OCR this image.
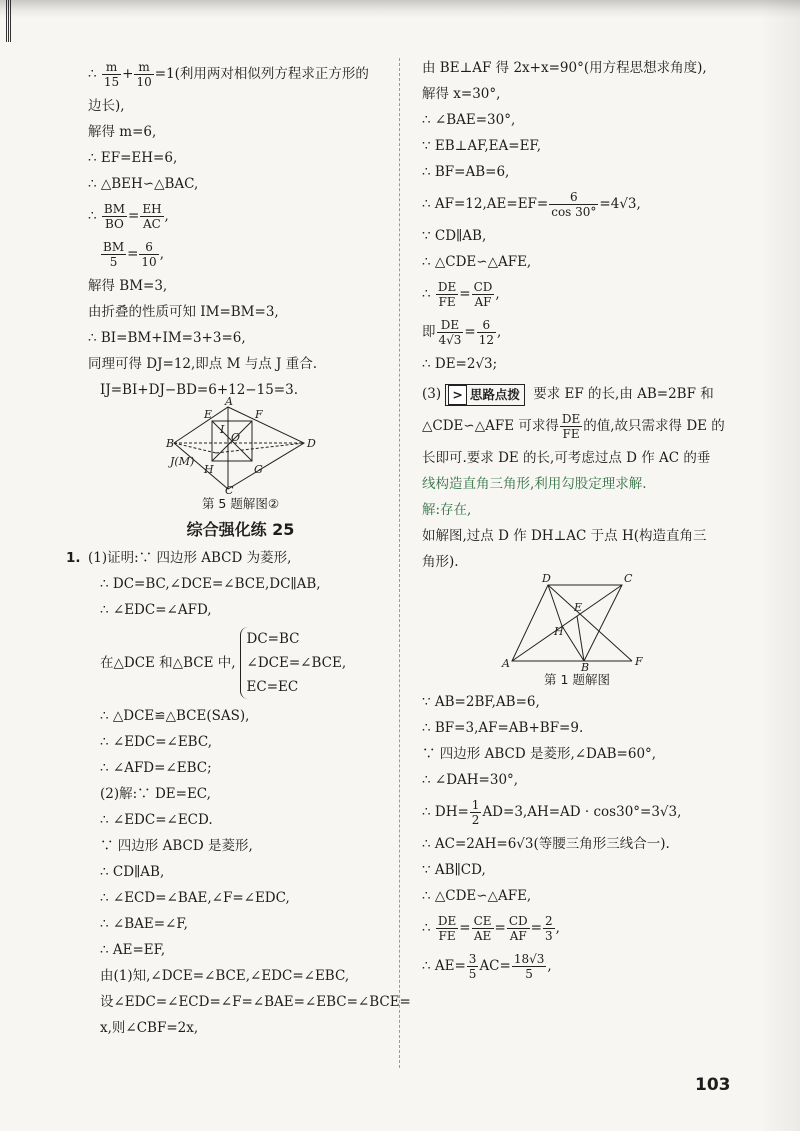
∴ $\frac{m}{15} + \frac{m}{10} =1$(利用两对相似列方程求正方形的
边长),
解得 m=6,
∴ EF=EH=6,
∴ △BEH∽△BAC,
∴ $\frac{BM}{BO} = \frac{EH}{AC}$ ,
$\frac{BM}{5} = \frac{6}{10}$ ,
解得 BM=3,
由折叠的性质可知 IM=BM=3,
∴ BI=BM+IM=3+3=6,
同理可得 DJ=12,即点 M 与点 J 重合.
IJ=BI+DJ−BD=6+12−15=3.
A
E	F
B	D
O
I
H	G
C
J(M)
第 5 题解图②
综合强化练 25
1. (1)证明:∵ 四边形 ABCD 为菱形,
∴ DC=BC,∠DCE=∠BCE,DC∥AB,
∴ ∠EDC=∠AFD,
在△DCE 和△BCE 中,
DC=BC
∠DCE=∠BCE,
EC=EC
∴ △DCE≌△BCE(SAS),
∴ ∠EDC=∠EBC,
∴ ∠AFD=∠EBC;
(2)解:∵ DE=EC,
∴ ∠EDC=∠ECD.
∵ 四边形 ABCD 是菱形,
∴ CD∥AB,
∴ ∠ECD=∠BAE,∠F=∠EDC,
∴ ∠BAE=∠F,
∴ AE=EF,
由(1)知,∠DCE=∠BCE,∠EDC=∠EBC,
设∠EDC=∠ECD=∠F=∠BAE=∠EBC=∠BCE=
x,则∠CBF=2x,
由 BE⊥AF 得 2x+x=90°(用方程思想求角度),
解得 x=30°,
∴ ∠BAE=30°,
∵ EB⊥AF,EA=EF,
∴ BF=AB=6,
∴ $AF=12,AE=EF= \frac{6}{\cos 30^\circ} =4√3$,
∵ CD∥AB,
∴ △CDE∽△AFE,
∴ $\frac{DE}{FE} = \frac{CD}{AF}$ ,
即 $\frac{DE}{4√3} = \frac{6}{12}$ ,
∴ DE=2√3;
(3) > 思路点拨 要求 EF 的长,由 AB=2BF 和
△CDE∽△AFE 可求得 $\frac{DE}{FE}$ 的值,故只需求得 DE 的
长即可.要求 DE 的长,可考虑过点 D 作 AC 的垂
线构造直角三角形,利用勾股定理求解.
解:存在,
如解图,过点 D 作 DH⊥AC 于点 H(构造直角三
角形).
D	C
E
H
A	B	F
第 1 题解图
∵ AB=2BF,AB=6,
∴ BF=3,AF=AB+BF=9.
∵ 四边形 ABCD 是菱形,∠DAB=60°,
∴ ∠DAH=30°,
∴ $DH= \frac{1}{2} AD=3,AH=AD \cdot \cos 30^\circ=3√3$,
∴ AC=2AH=6√3(等腰三角形三线合一).
∵ AB∥CD,
∴ △CDE∽△AFE,
∴ $\frac{DE}{FE} = \frac{CE}{AE} = \frac{CD}{AF} = \frac{2}{3}$ ,
∴ $AE= \frac{3}{5} AC= \frac{18√3}{5}$ ,
103
